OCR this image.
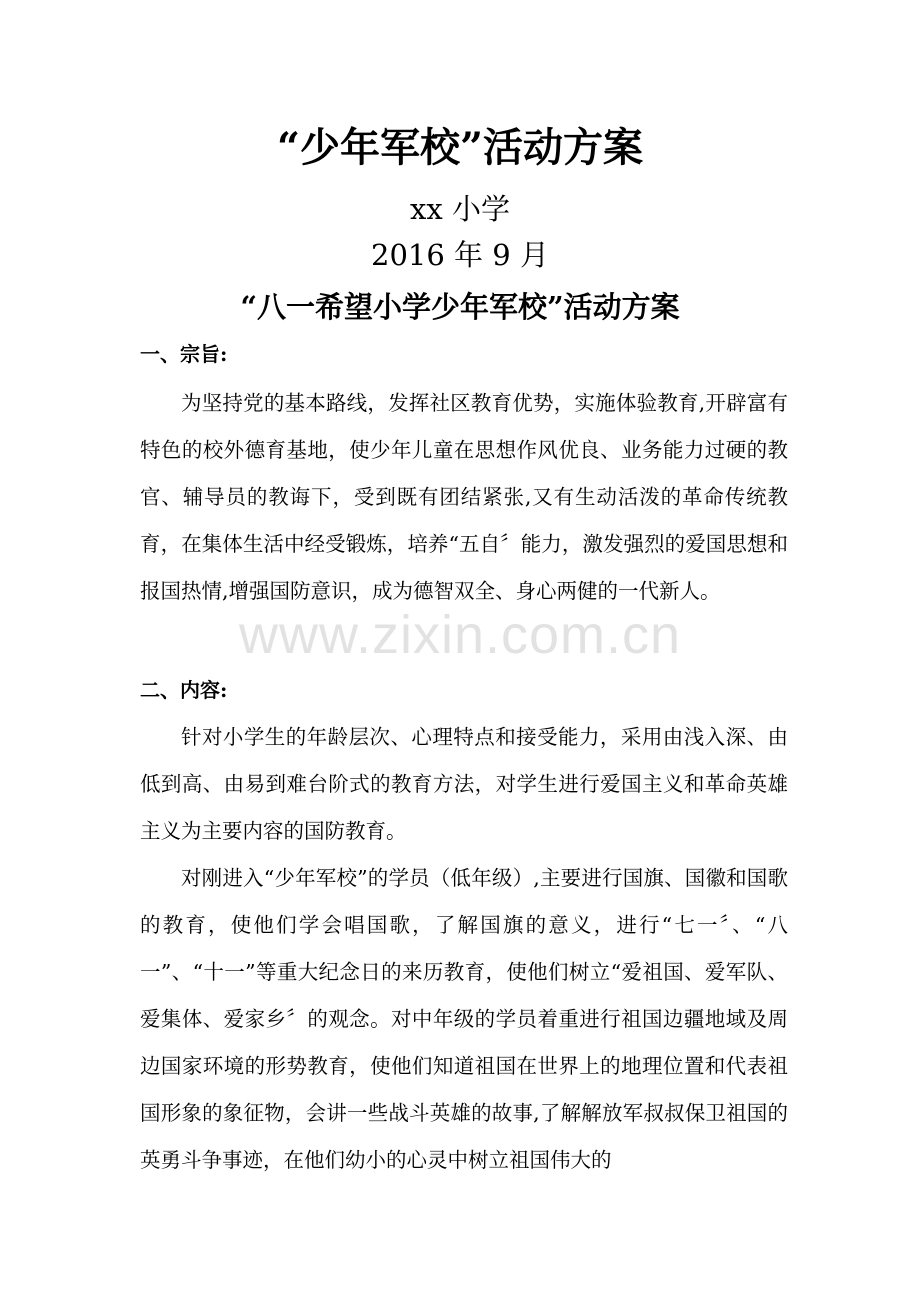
“少年军校”活动方案
xx 小学
2016 年 9 月
“八一希望小学少年军校”活动方案
一、宗旨:

为坚持党的基本路线，发挥社区教育优势，实施体验教育,开辟富有特色的校外德育基地，使少年儿童在思想作风优良、业务能力过硬的教官、辅导员的教诲下，受到既有团结紧张,又有生动活泼的革命传统教育，在集体生活中经受锻炼，培养“五自〞能力，激发强烈的爱国思想和报国热情,增强国防意识，成为德智双全、身心两健的一代新人。

二、内容:

针对小学生的年龄层次、心理特点和接受能力，采用由浅入深、由低到高、由易到难台阶式的教育方法，对学生进行爱国主义和革命英雄主义为主要内容的国防教育。

对刚进入“少年军校”的学员（低年级）,主要进行国旗、国徽和国歌的教育，使他们学会唱国歌，了解国旗的意义，进行“七一〞、“八一”、“十一”等重大纪念日的来历教育，使他们树立“爱祖国、爱军队、爱集体、爱家乡〞的观念。对中年级的学员着重进行祖国边疆地域及周边国家环境的形势教育，使他们知道祖国在世界上的地理位置和代表祖国形象的象征物，会讲一些战斗英雄的故事,了解解放军叔叔保卫祖国的英勇斗争事迹，在他们幼小的心灵中树立祖国伟大的

www.zixin.com.cn
